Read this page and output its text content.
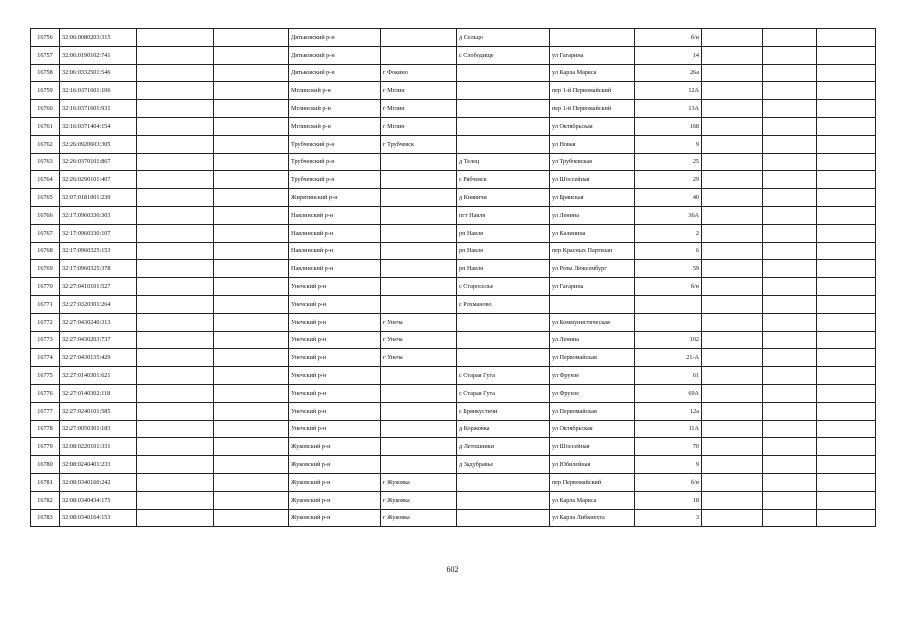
16756	32:06:0080203:315			Дятьковский р-н		д Сельцо		б/н			
16757	32:06:0190102:741			Дятьковский р-н		с Слободище	ул Гагарина	14			
16758	32:06:0332501:546			Дятьковский р-н	г Фокино		ул Карла Маркса	26а			
16759	32:16:0371601:106			Мглинский р-н	г Мглин		пер 1-й Первомайский	12А			
16760	32:16:0371601:931			Мглинский р-н	г Мглин		пер 1-й Первомайский	13А			
16761	32:16:0371404:154			Мглинский р-н	г Мглин		ул Октябрьская	168			
16762	32:26:0920603:305			Трубчевский р-н	г Трубчевск		ул Новая	9			
16763	32:26:0370101:867			Трубчевский р-н		д Телец	ул Трубчевская	25			
16764	32:26:0290101:407			Трубчевский р-н		с Рябчевск	ул Шоссейная	29			
16765	32:07:0181001:239			Жирятинский р-н		д Княвичи	ул Брянская	40			
16766	32:17:0960330:303			Навлинский р-н		пгт Навля	ул Ленина	36А			
16767	32:17:0960330:107			Навлинский р-н		рп Навля	ул Калинина	2			
16768	32:17:0960325:153			Навлинский р-н		рп Навля	пер Красных Партизан	6			
16769	32:17:0960325:378			Навлинский р-н		рп Навля	ул Розы Люксембург	59			
16770	32:27:0410101:527			Унечский р-н		с Старосельe	ул Гагарина	б/н			
16771	32:27:0320301:264			Унечский р-н		с Рохманово					
16772	32:27:0430240:313			Унечский р-н	г Унеча		ул Коммунистическая				
16773	32:27:0430203:737			Унечский р-н	г Унеча		ул Ленина	102			
16774	32:27:0430135:429			Унечский р-н	г Унеча		ул Первомайская	21-А			
16775	32:27:0140301:621			Унечский р-н		с Старая Гута	ул Фрунзе	61			
16776	32:27:0140302:118			Унечский р-н		с Старая Гута	ул Фрунзе	69А			
16777	32:27:0240101:585			Унечский р-н		с Брянкустичи	ул Первомайская	12а			
16778	32:27:0050301:183			Унечский р-н		д Коржовка	ул Октябрьская	11А			
16779	32:08:0220101:331			Жуковский р-н		д Летошники	ул Шоссейная	70			
16780	32:08:0240401:233			Жуковский р-н		д Задубравье	ул Юбилейная	9			
16781	32:08:0340160:242			Жуковский р-н	г Жуковка		пер Первомайский	б/н			
16782	32:08:0340434:175			Жуковский р-н	г Жуковка		ул Карла Маркса	18			
16783	32:08:0340164:153			Жуковский р-н	г Жуковка		ул Карла Либкнехта	3			
602
